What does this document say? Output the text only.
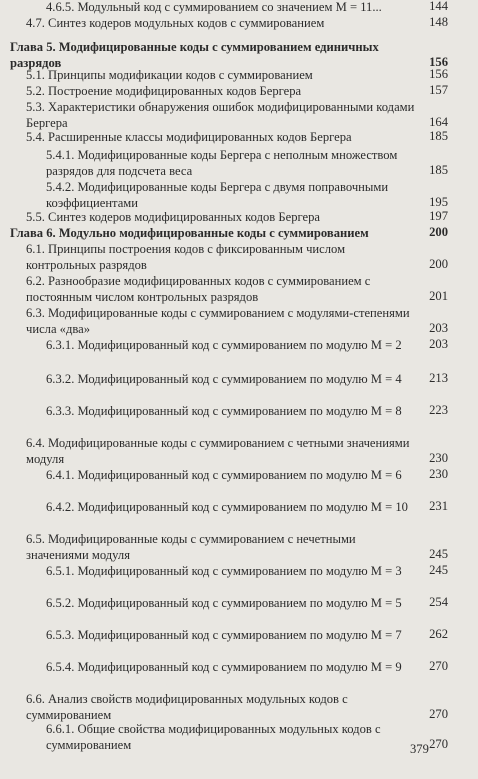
4.6.5. Модульный код с суммированием со значением M = 11...	144
4.7. Синтез кодеров модульных кодов с суммированием	148
Глава 5. Модифицированные коды с суммированием единичных разрядов	156
5.1. Принципы модификации кодов с суммированием	156
5.2. Построение модифицированных кодов Бергера	157
5.3. Характеристики обнаружения ошибок модифицированными кодами Бергера	164
5.4. Расширенные классы модифицированных кодов Бергера	185
5.4.1. Модифицированные коды Бергера с неполным множеством разрядов для подсчета веса	185
5.4.2. Модифицированные коды Бергера с двумя поправочными коэффициентами	195
5.5. Синтез кодеров модифицированных кодов Бергера	197
Глава 6. Модульно модифицированные коды с суммированием	200
6.1. Принципы построения кодов с фиксированным числом контрольных разрядов	200
6.2. Разнообразие модифицированных кодов с суммированием с постоянным числом контрольных разрядов	201
6.3. Модифицированные коды с суммированием с модулями-степенями числа «два»	203
6.3.1. Модифицированный код с суммированием по модулю M = 2	203
6.3.2. Модифицированный код с суммированием по модулю M = 4	213
6.3.3. Модифицированный код с суммированием по модулю M = 8	223
6.4. Модифицированные коды с суммированием с четными значениями модуля	230
6.4.1. Модифицированный код с суммированием по модулю M = 6	230
6.4.2. Модифицированный код с суммированием по модулю M = 10	231
6.5. Модифицированные коды с суммированием с нечетными значениями модуля	245
6.5.1. Модифицированный код с суммированием по модулю M = 3	245
6.5.2. Модифицированный код с суммированием по модулю M = 5	254
6.5.3. Модифицированный код с суммированием по модулю M = 7	262
6.5.4. Модифицированный код с суммированием по модулю M = 9	270
6.6. Анализ свойств модифицированных модульных кодов с суммированием	270
6.6.1. Общие свойства модифицированных модульных кодов с суммированием	270
379
